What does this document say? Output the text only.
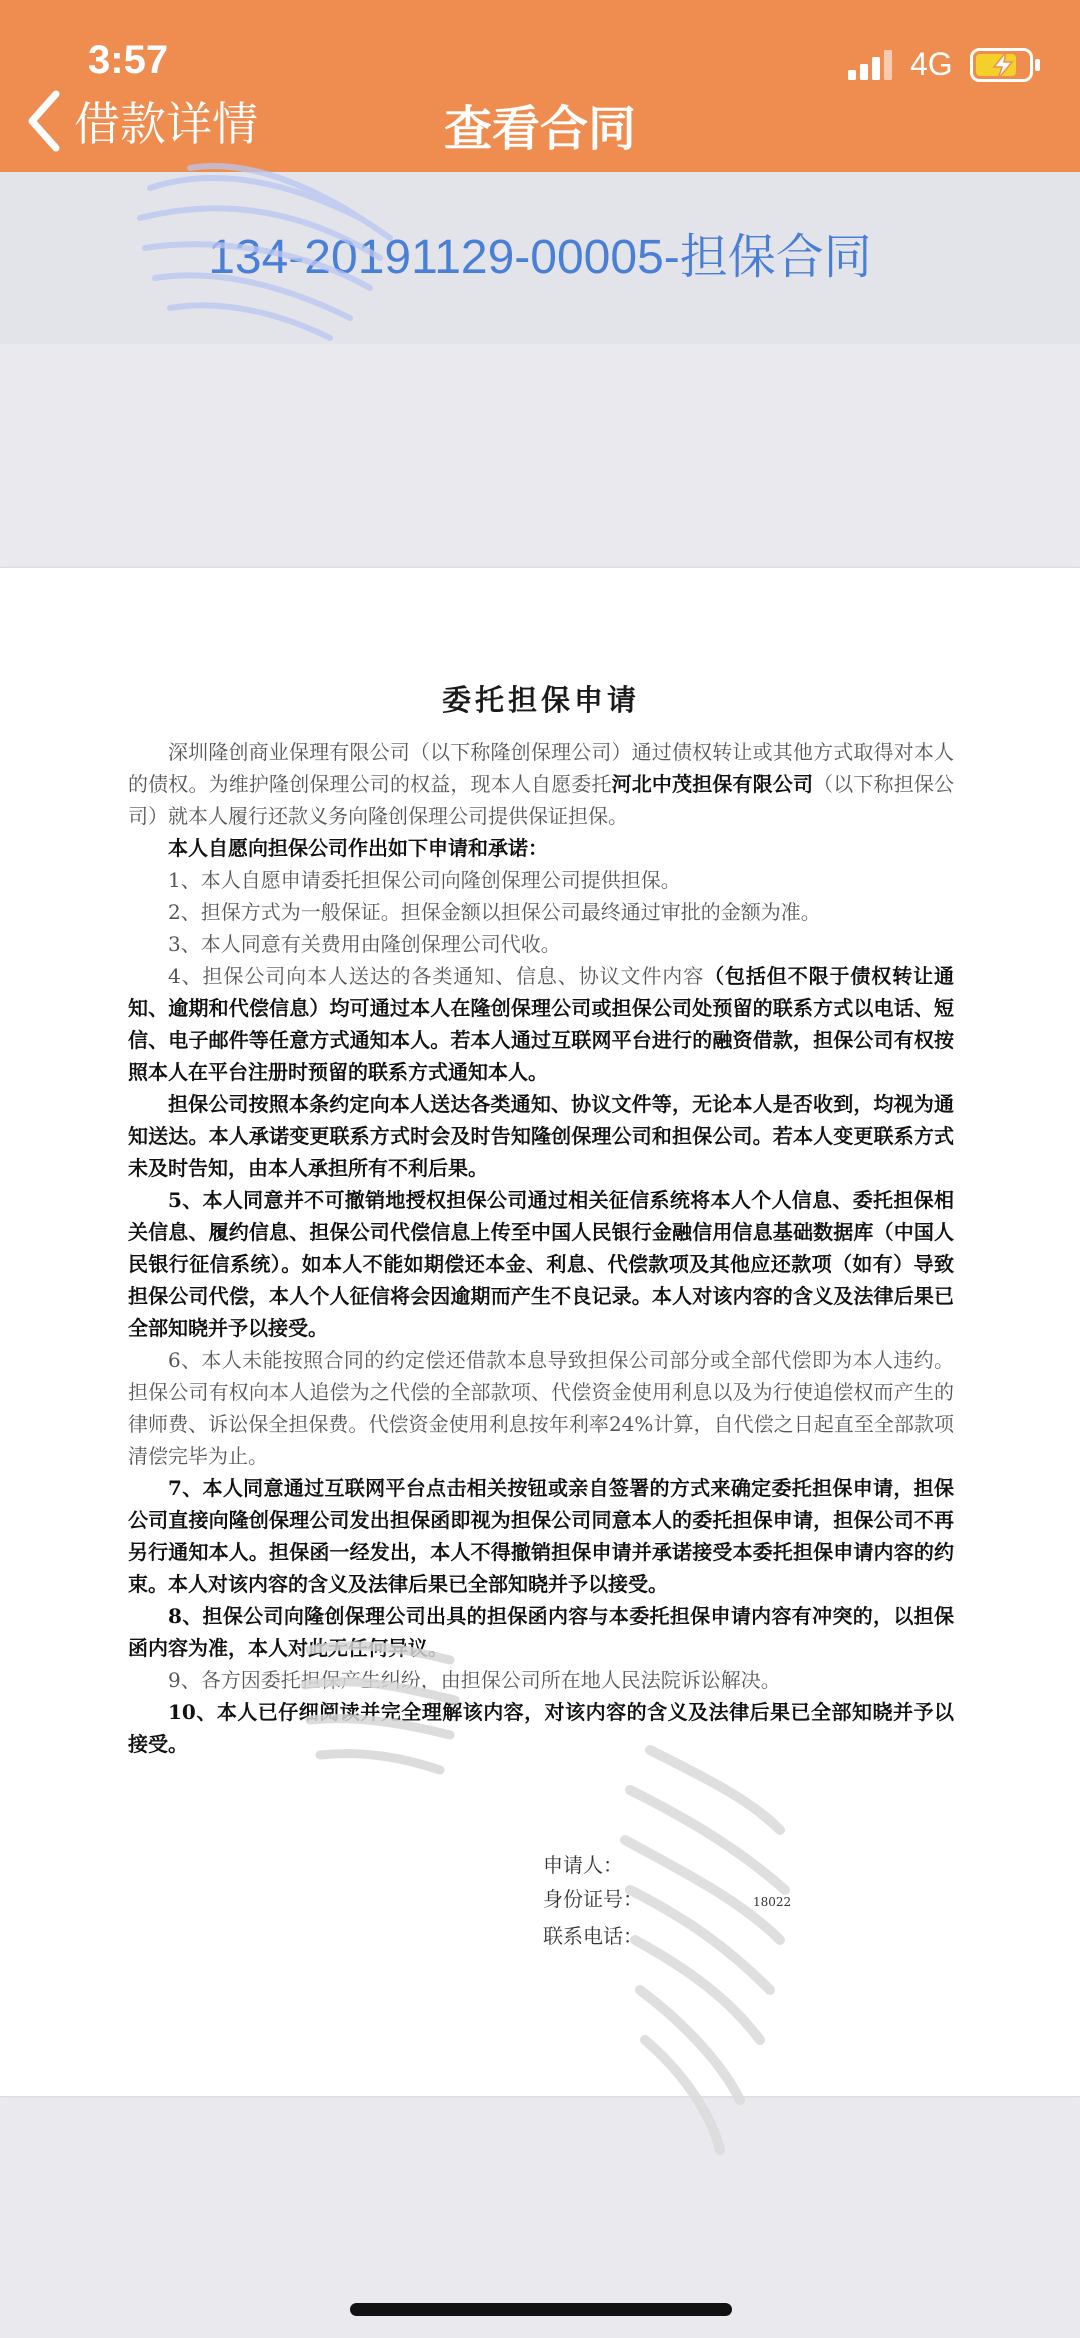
3:57	4G
借款详情	查看合同
134-20191129-00005-担保合同
委托担保申请

深圳隆创商业保理有限公司（以下称隆创保理公司）通过债权转让或其他方式取得对本人的债权。为维护隆创保理公司的权益，现本人自愿委托河北中茂担保有限公司（以下称担保公司）就本人履行还款义务向隆创保理公司提供保证担保。

本人自愿向担保公司作出如下申请和承诺：

1、本人自愿申请委托担保公司向隆创保理公司提供担保。

2、担保方式为一般保证。担保金额以担保公司最终通过审批的金额为准。

3、本人同意有关费用由隆创保理公司代收。

4、担保公司向本人送达的各类通知、信息、协议文件内容（包括但不限于债权转让通知、逾期和代偿信息）均可通过本人在隆创保理公司或担保公司处预留的联系方式以电话、短信、电子邮件等任意方式通知本人。若本人通过互联网平台进行的融资借款，担保公司有权按照本人在平台注册时预留的联系方式通知本人。

担保公司按照本条约定向本人送达各类通知、协议文件等，无论本人是否收到，均视为通知送达。本人承诺变更联系方式时会及时告知隆创保理公司和担保公司。若本人变更联系方式未及时告知，由本人承担所有不利后果。

5、本人同意并不可撤销地授权担保公司通过相关征信系统将本人个人信息、委托担保相关信息、履约信息、担保公司代偿信息上传至中国人民银行金融信用信息基础数据库（中国人民银行征信系统）。如本人不能如期偿还本金、利息、代偿款项及其他应还款项（如有）导致担保公司代偿，本人个人征信将会因逾期而产生不良记录。本人对该内容的含义及法律后果已全部知晓并予以接受。

6、本人未能按照合同的约定偿还借款本息导致担保公司部分或全部代偿即为本人违约。担保公司有权向本人追偿为之代偿的全部款项、代偿资金使用利息以及为行使追偿权而产生的律师费、诉讼保全担保费。代偿资金使用利息按年利率24%计算，自代偿之日起直至全部款项清偿完毕为止。

7、本人同意通过互联网平台点击相关按钮或亲自签署的方式来确定委托担保申请，担保公司直接向隆创保理公司发出担保函即视为担保公司同意本人的委托担保申请，担保公司不再另行通知本人。担保函一经发出，本人不得撤销担保申请并承诺接受本委托担保申请内容的约束。本人对该内容的含义及法律后果已全部知晓并予以接受。

8、担保公司向隆创保理公司出具的担保函内容与本委托担保申请内容有冲突的，以担保函内容为准，本人对此无任何异议。

9、各方因委托担保产生纠纷，由担保公司所在地人民法院诉讼解决。

10、本人已仔细阅读并完全理解该内容，对该内容的含义及法律后果已全部知晓并予以接受。

申请人：
身份证号：	18022
联系电话：
